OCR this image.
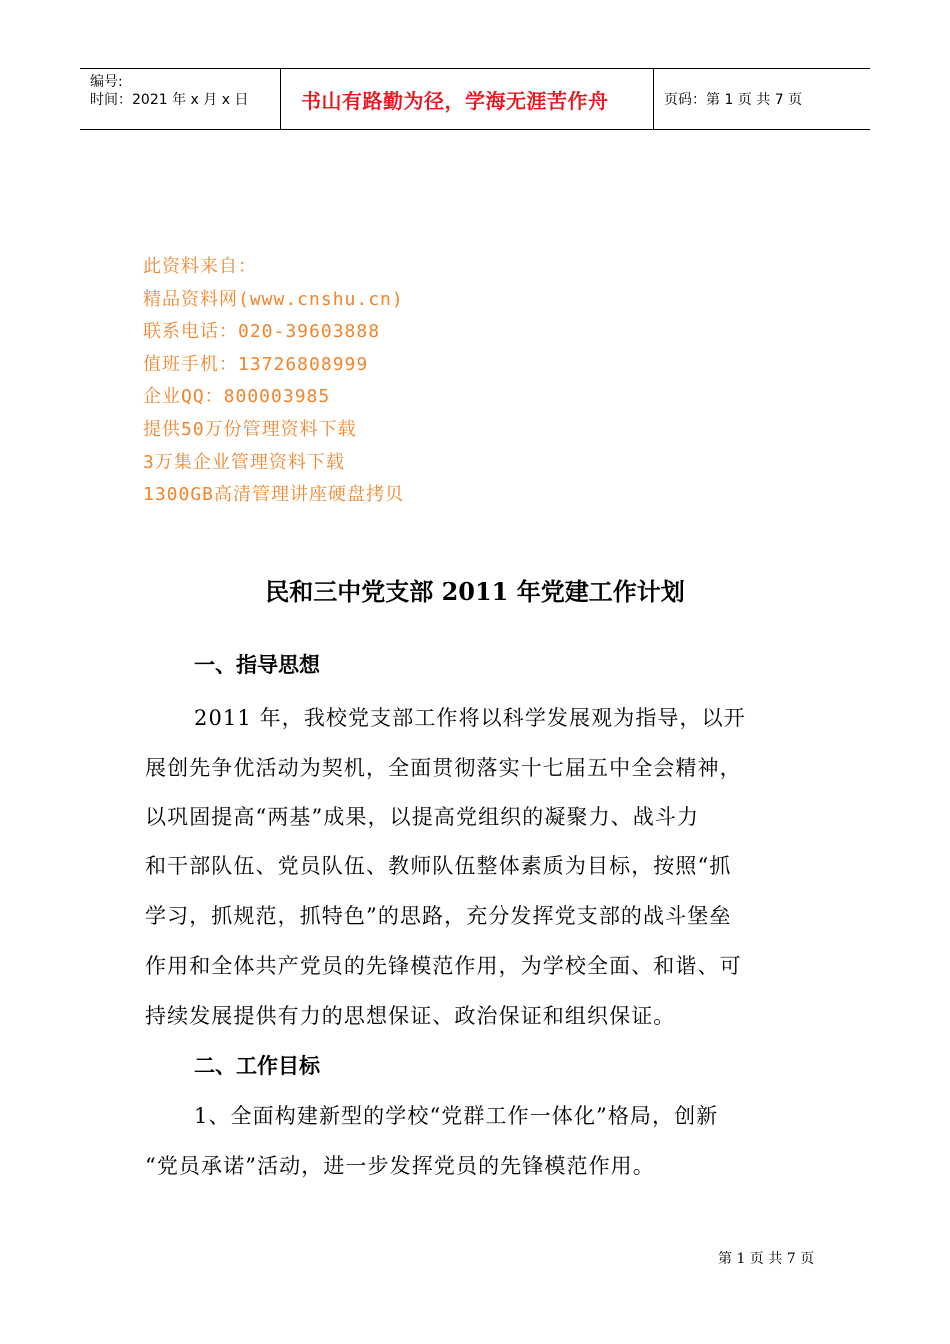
编号:
时间：2021 年 x 月 x 日	书山有路勤为径，学海无涯苦作舟	页码：第 1 页 共 7 页
此资料来自：
精品资料网(www.cnshu.cn)
联系电话：020-39603888
值班手机：13726808999
企业QQ：800003985
提供50万份管理资料下载
3万集企业管理资料下载
1300GB高清管理讲座硬盘拷贝
民和三中党支部 2011 年党建工作计划
一、指导思想
2011 年，我校党支部工作将以科学发展观为指导，以开
展创先争优活动为契机，全面贯彻落实十七届五中全会精神，
以巩固提高“两基”成果，以提高党组织的凝聚力、战斗力
和干部队伍、党员队伍、教师队伍整体素质为目标，按照“抓
学习，抓规范，抓特色”的思路，充分发挥党支部的战斗堡垒
作用和全体共产党员的先锋模范作用，为学校全面、和谐、可
持续发展提供有力的思想保证、政治保证和组织保证。
二、工作目标
1、全面构建新型的学校“党群工作一体化”格局，创新
“党员承诺”活动，进一步发挥党员的先锋模范作用。
第 1 页 共 7 页
